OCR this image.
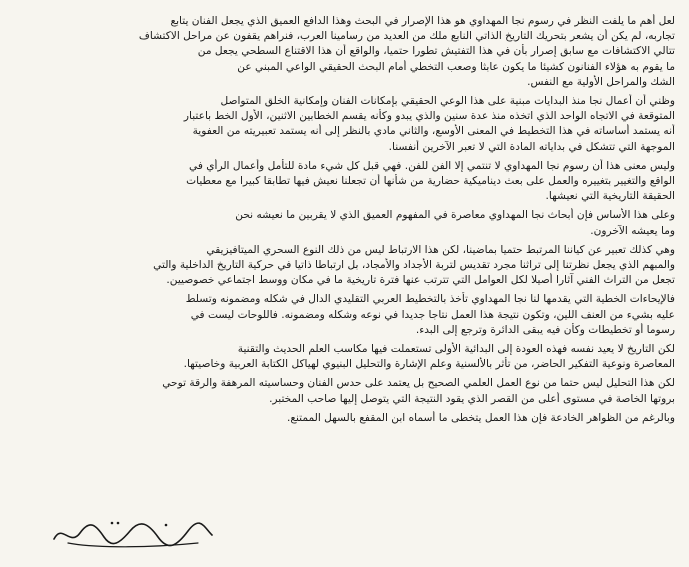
لعل أهم ما يلفت النظر في رسوم نجا المهداوي هو هذا الإصرار في البحث وهذا الدافع العميق الذي يجعل الفنان يتابع
تجاربه، لم يكن أن يشعر بتحريك التاريخ الذاتي النابع ملك من العديد من رسامينا العرب، فنراهم يقفون عن مراحل الاكتشاف
تتالي الاكتشافات مع سابق إصرار بأن في هذا التفتيش تطورا حتميا، والواقع أن هذا الاقتناع السطحي يجعل من
ما يقوم به هؤلاء الفنانون كشيئا ما يكون عابثا وصعب التخطي أمام البحث الحقيقي الواعي المبني عن
الشك والمراحل الأولية مع النفس.
وظني أن أعمال نجا منذ البدايات مبنية على هذا الوعي الحقيقي بإمكانات الفنان وإمكانية الخلق المتواصل
المتوقعة في الاتجاه الواحد الذي اتخذه منذ عدة سنين والذي يبدو وكأنه يقسم الخطابين الاثنين، الأول الخط باعتبار
أنه يستمد أساساته في هذا التخطيط في المعنى الأوسع، والثاني مادي بالنظر إلى أنه يستمد تعبيريته من العفوية
الموجهة التي تتشكل في بداياته المادة التي لا تعبر الآخرين أنفسنا.
وليس معنى هذا أن رسوم نجا المهداوي لا تنتمي إلا الفن للفن. فهي قبل كل شيء مادة للتأمل وأعمال الرأي في
الواقع والتغيير بتغييره والعمل على بعث ديناميكية حضارية من شأنها أن تجعلنا نعيش فيها تطابقا كبيرا مع معطيات
الحقيقة التاريخية التي نعيشها.
وعلى هذا الأساس فإن أبحاث نجا المهداوي معاصرة في المفهوم العميق الذي لا يقربين ما نعيشه نحن
وما يعيشه الآخرون.
وهي كذلك تعبير عن كياننا المرتبط حتميا بماضينا، لكن هذا الارتباط ليس من ذلك النوع السحري الميتافيزيقي
والمبهم الذي يجعل نظرتنا إلى تراثنا مجرد تقديس لتربة الأجداد والأمجاد، بل ارتباطا ذاتيا في حركية التاريخ الداخلية والتي
تجعل من التراث الفني آثارا أصيلا لكل العوامل التي تترتب عنها فترة تاريخية ما في مكان ووسط اجتماعي خصوصيين.
فالإيحاءات الخطية التي يقدمها لنا نجا المهداوي تأخذ بالتخطيط العربي التقليدي الدال في شكله ومضمونه وتسلط
عليه بشيء من العنف اللين، وتكون نتيجة هذا العمل نتاجا جديدا في نوعه وشكله ومضمونه. فاللوحات ليست في
رسوما أو تخطيطات وكأن فيه يبقى الدائرة وترجع إلى البدء.
لكن التاريخ لا يعيد نفسه فهذه العودة إلى البدائية الأولى تستعملت فيها مكاسب العلم الحديث والتقنية
المعاصرة ونوعية التفكير الحاضر، من تأثر بالألسنية وعلم الإشارة والتحليل البنيوي لهياكل الكتابة العربية وخاصيتها.
لكن هذا التحليل ليس حتما من نوع العمل العلمي الصحيح بل يعتمد على حدس الفنان وحساسيته المرهفة والرقة توحي
بروتها الخاصة في مستوى أعلى من القصر الذي يقود النتيجة التي يتوصل إليها صاحب المختبر.
وبالرغم من الظواهر الخادعة فإن هذا العمل يتخطى ما أسماه ابن المقفع بالسهل الممتنع.
